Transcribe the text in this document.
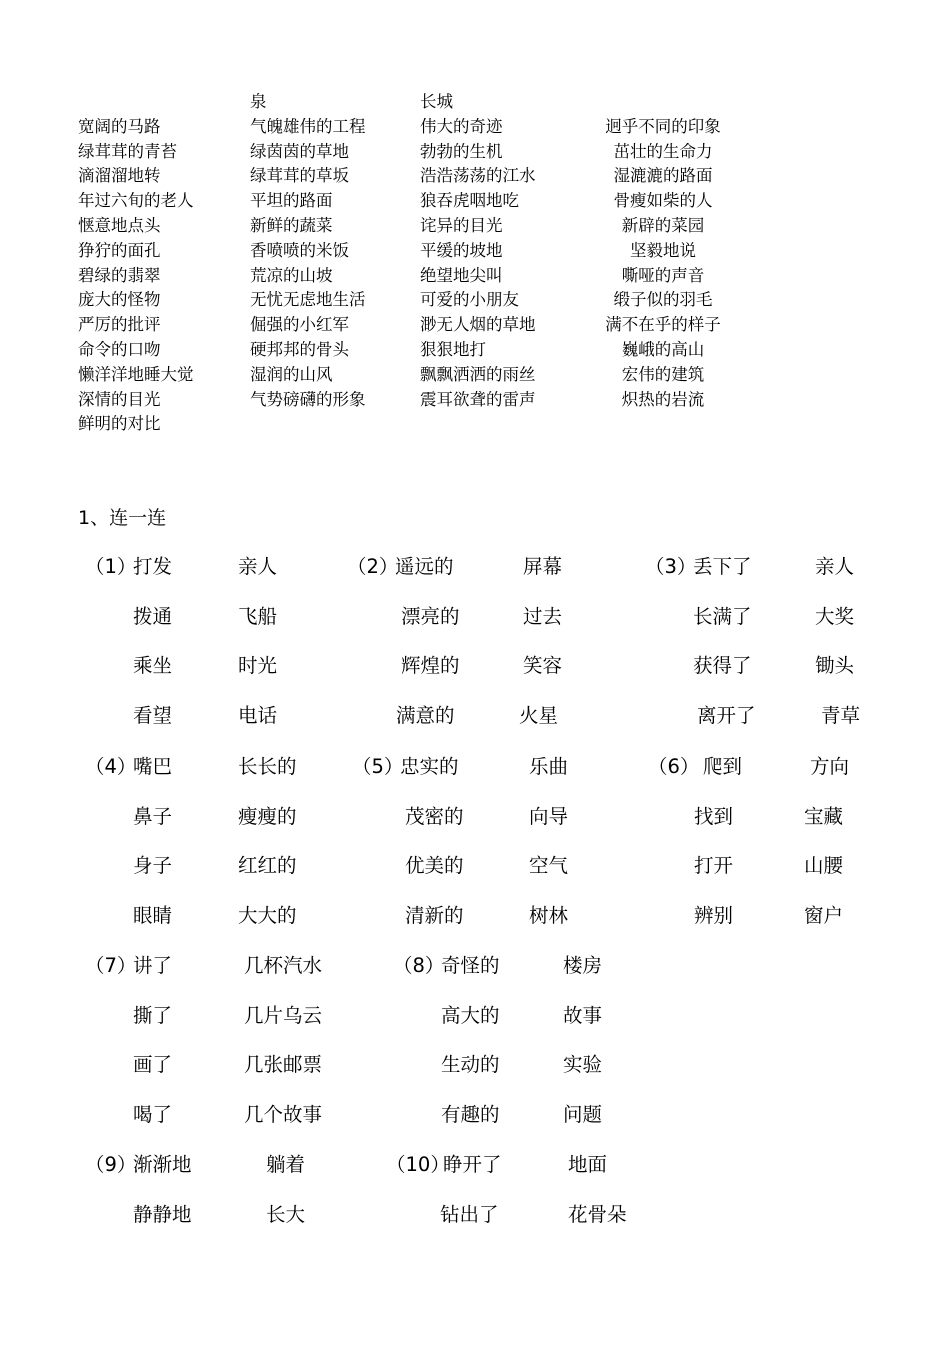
宽阔的马路
绿茸茸的青苔
滴溜溜地转
年过六旬的老人
惬意地点头
狰狞的面孔
碧绿的翡翠
庞大的怪物
严厉的批评
命令的口吻
懒洋洋地睡大觉
深情的目光
鲜明的对比
泉
气魄雄伟的工程
绿茵茵的草地
绿茸茸的草坂
平坦的路面
新鲜的蔬菜
香喷喷的米饭
荒凉的山坡
无忧无虑地生活
倔强的小红军
硬邦邦的骨头
湿润的山风
气势磅礴的形象
长城
伟大的奇迹
勃勃的生机
浩浩荡荡的江水
狼吞虎咽地吃
诧异的目光
平缓的坡地
绝望地尖叫
可爱的小朋友
渺无人烟的草地
狠狠地打
飘飘洒洒的雨丝
震耳欲聋的雷声
迥乎不同的印象
茁壮的生命力
湿漉漉的路面
骨瘦如柴的人
新辟的菜园
坚毅地说
嘶哑的声音
缎子似的羽毛
满不在乎的样子
巍峨的高山
宏伟的建筑
炽热的岩流
1、连一连
（1）
打发
拨通
乘坐
看望
亲人
飞船
时光
电话
（2）
遥远的
漂亮的
辉煌的
满意的
屏幕
过去
笑容
火星
（3）
丢下了
长满了
获得了
离开了
亲人
大奖
锄头
青草
（4）
嘴巴
鼻子
身子
眼睛
长长的
瘦瘦的
红红的
大大的
（5）
忠实的
茂密的
优美的
清新的
乐曲
向导
空气
树林
（6） 爬到
找到
打开
辨别
方向
宝藏
山腰
窗户
（7）
讲了
撕了
画了
喝了
几杯汽水
几片乌云
几张邮票
几个故事
（8）
奇怪的
高大的
生动的
有趣的
楼房
故事
实验
问题
（9）
渐渐地
静静地
躺着
长大
（10）
睁开了
钻出了
地面
花骨朵
